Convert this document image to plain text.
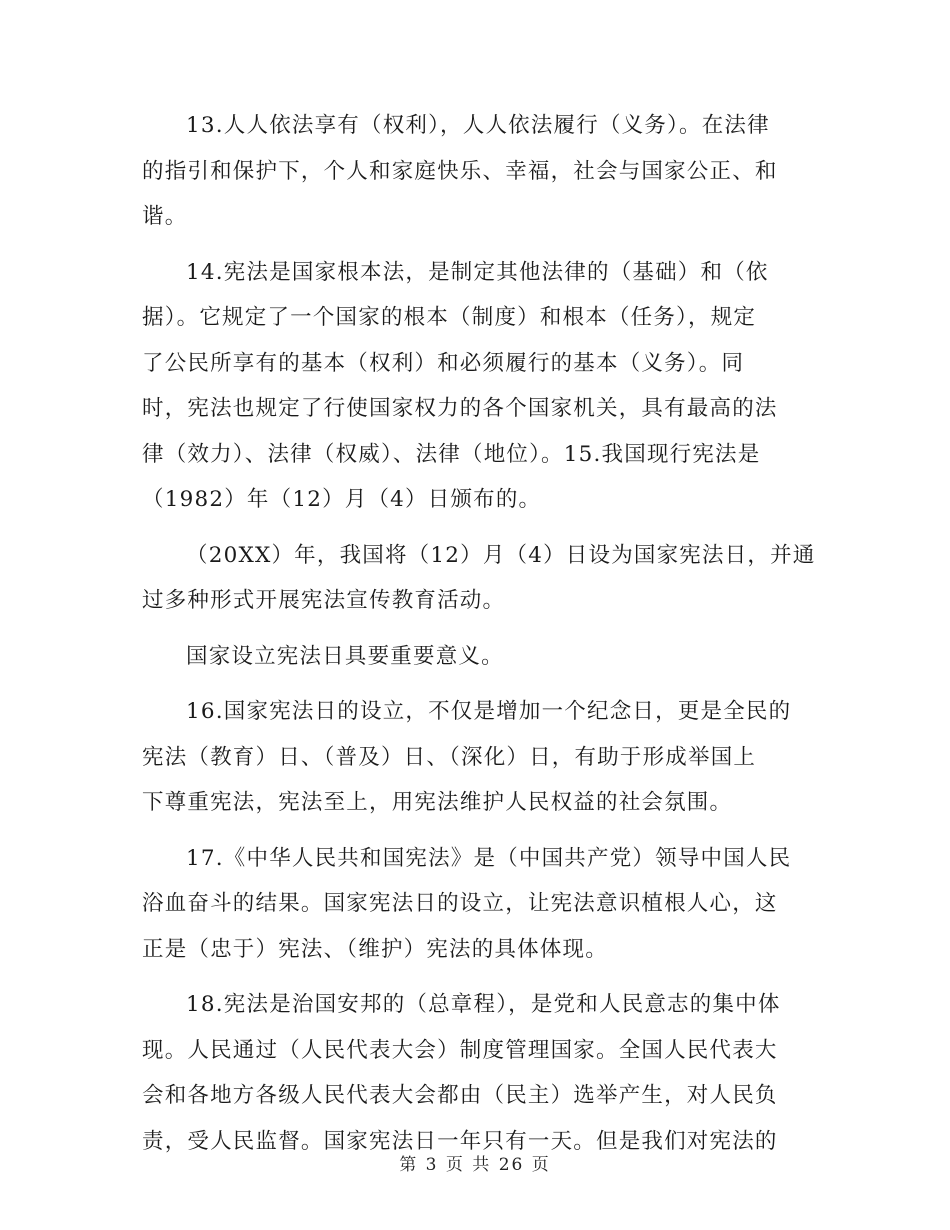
13.人人依法享有（权利），人人依法履行（义务）。在法律
的指引和保护下，个人和家庭快乐、幸福，社会与国家公正、和
谐。
14.宪法是国家根本法，是制定其他法律的（基础）和（依
据）。它规定了一个国家的根本（制度）和根本（任务），规定
了公民所享有的基本（权利）和必须履行的基本（义务）。同
时，宪法也规定了行使国家权力的各个国家机关，具有最高的法
律（效力）、法律（权威）、法律（地位）。15.我国现行宪法是
（1982）年（12）月（4）日颁布的。
（20XX）年，我国将（12）月（4）日设为国家宪法日，并通
过多种形式开展宪法宣传教育活动。
国家设立宪法日具要重要意义。
16.国家宪法日的设立，不仅是增加一个纪念日，更是全民的
宪法（教育）日、（普及）日、（深化）日，有助于形成举国上
下尊重宪法，宪法至上，用宪法维护人民权益的社会氛围。
17.《中华人民共和国宪法》是（中国共产党）领导中国人民
浴血奋斗的结果。国家宪法日的设立，让宪法意识植根人心，这
正是（忠于）宪法、（维护）宪法的具体体现。
18.宪法是治国安邦的（总章程），是党和人民意志的集中体
现。人民通过（人民代表大会）制度管理国家。全国人民代表大
会和各地方各级人民代表大会都由（民主）选举产生，对人民负
责，受人民监督。国家宪法日一年只有一天。但是我们对宪法的
第 3 页 共 26 页
